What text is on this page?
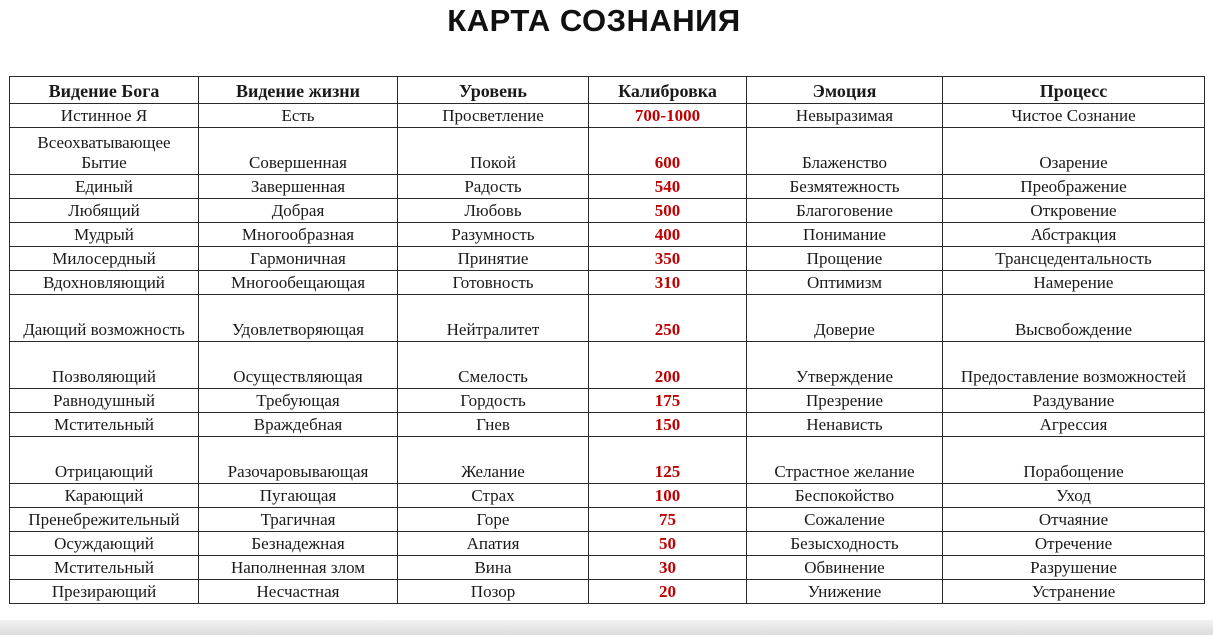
КАРТА СОЗНАНИЯ
Видение Бога	Видение жизни	Уровень	Калибровка	Эмоция	Процесс
Истинное Я	Есть	Просветление	700-1000	Невыразимая	Чистое Сознание
Всеохватывающее Бытие	Совершенная	Покой	600	Блаженство	Озарение
Единый	Завершенная	Радость	540	Безмятежность	Преображение
Любящий	Добрая	Любовь	500	Благоговение	Откровение
Мудрый	Многообразная	Разумность	400	Понимание	Абстракция
Милосердный	Гармоничная	Принятие	350	Прощение	Трансцедентальность
Вдохновляющий	Многообещающая	Готовность	310	Оптимизм	Намерение
Дающий возможность	Удовлетворяющая	Нейтралитет	250	Доверие	Высвобождение
Позволяющий	Осуществляющая	Смелость	200	Утверждение	Предоставление возможностей
Равнодушный	Требующая	Гордость	175	Презрение	Раздувание
Мстительный	Враждебная	Гнев	150	Ненависть	Агрессия
Отрицающий	Разочаровывающая	Желание	125	Страстное желание	Порабощение
Карающий	Пугающая	Страх	100	Беспокойство	Уход
Пренебрежительный	Трагичная	Горе	75	Сожаление	Отчаяние
Осуждающий	Безнадежная	Апатия	50	Безысходность	Отречение
Мстительный	Наполненная злом	Вина	30	Обвинение	Разрушение
Презирающий	Несчастная	Позор	20	Унижение	Устранение
